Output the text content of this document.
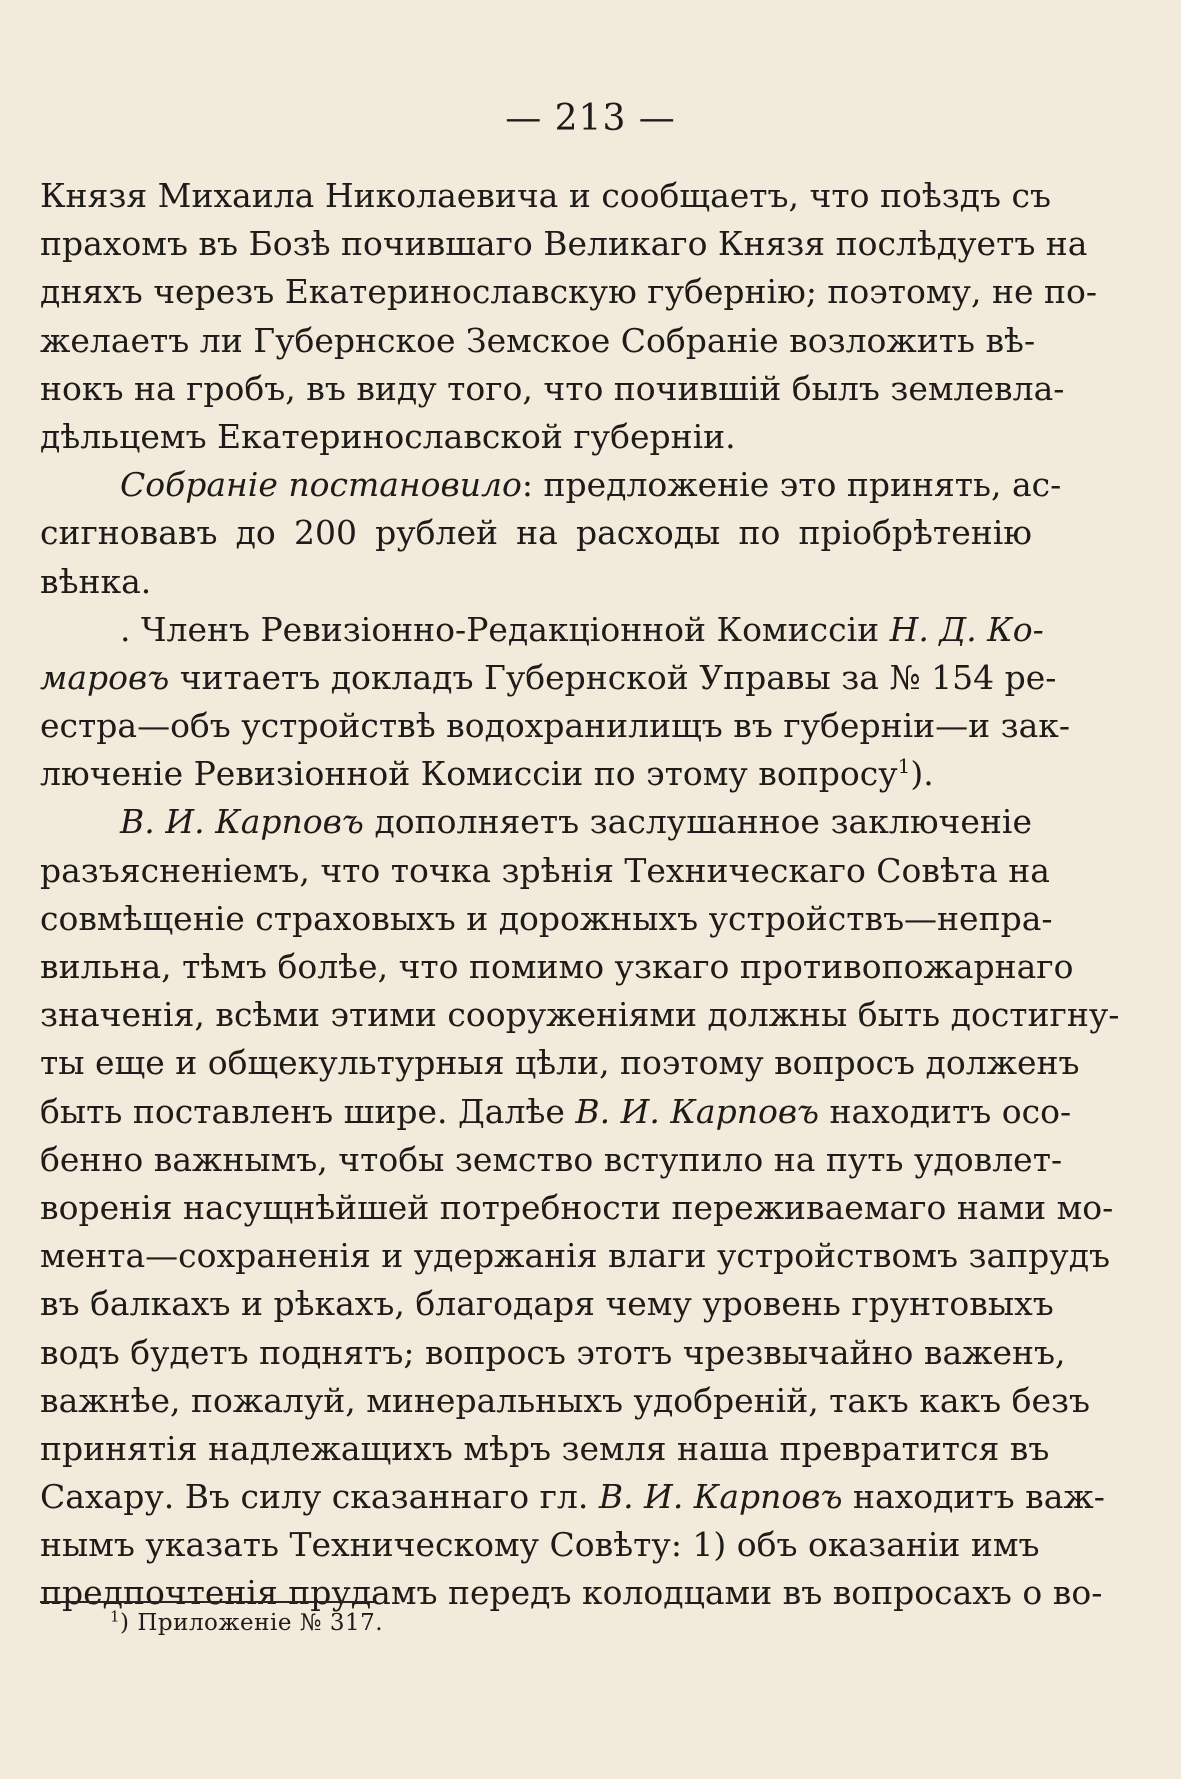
— 213 —
Князя Михаила Николаевича и сообщаетъ, что поѣздъ съ
прахомъ въ Бозѣ почившаго Великаго Князя послѣдуетъ на
дняхъ черезъ Екатеринославскую губернію; поэтому, не по-
желаетъ ли Губернское Земское Собраніе возложить вѣ-
нокъ на гробъ, въ виду того, что почившій былъ землевла-
дѣльцемъ Екатеринославской губерніи.
Собраніе постановило: предложеніе это принять, ас-
сигновавъ до 200 рублей на расходы по пріобрѣтенію
вѣнка.
. Членъ Ревизіонно-Редакціонной Комиссіи Н. Д. Ко-
маровъ читаетъ докладъ Губернской Управы за № 154 ре-
естра—объ устройствѣ водохранилищъ въ губерніи—и зак-
люченіе Ревизіонной Комиссіи по этому вопросу$^1$).
В. И. Карповъ дополняетъ заслушанное заключеніе
разъясненіемъ, что точка зрѣнія Техническаго Совѣта на
совмѣщеніе страховыхъ и дорожныхъ устройствъ—непра-
вильна, тѣмъ болѣе, что помимо узкаго противопожарнаго
значенія, всѣми этими сооруженіями должны быть достигну-
ты еще и общекультурныя цѣли, поэтому вопросъ долженъ
быть поставленъ шире. Далѣе В. И. Карповъ находитъ осо-
бенно важнымъ, чтобы земство вступило на путь удовлет-
воренія насущнѣйшей потребности переживаемаго нами мо-
мента—сохраненія и удержанія влаги устройствомъ запрудъ
въ балкахъ и рѣкахъ, благодаря чему уровень грунтовыхъ
водъ будетъ поднятъ; вопросъ этотъ чрезвычайно важенъ,
важнѣе, пожалуй, минеральныхъ удобреній, такъ какъ безъ
принятія надлежащихъ мѣръ земля наша превратится въ
Сахару. Въ силу сказаннаго гл. В. И. Карповъ находитъ важ-
нымъ указать Техническому Совѣту: 1) объ оказаніи имъ
предпочтенія прудамъ передъ колодцами въ вопросахъ о во-
$^1$) Приложеніе № 317.
